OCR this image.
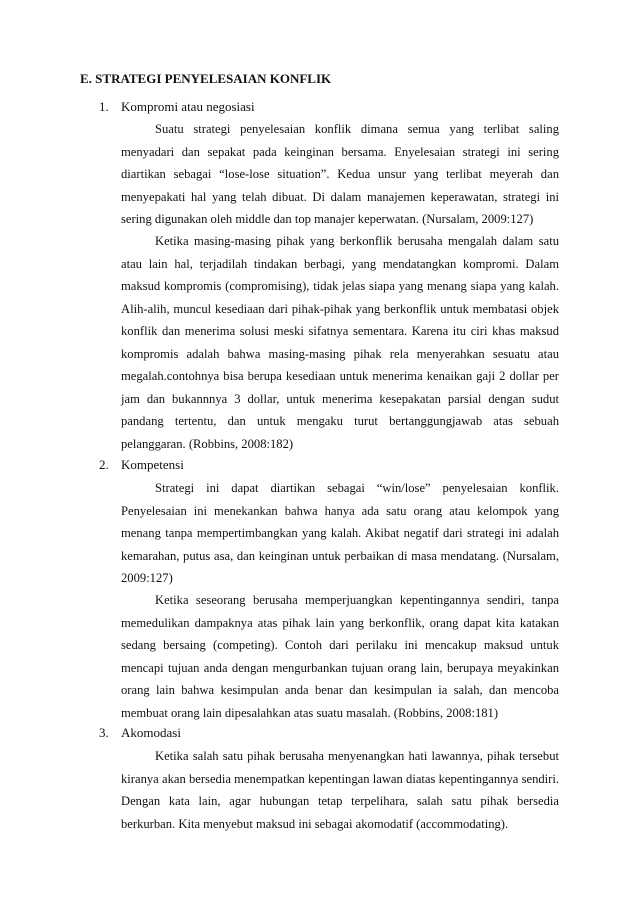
E. STRATEGI PENYELESAIAN KONFLIK
1. Kompromi atau negosiasi

Suatu strategi penyelesaian konflik dimana semua yang terlibat saling menyadari dan sepakat pada keinginan bersama. Enyelesaian strategi ini sering diartikan sebagai “lose-lose situation”. Kedua unsur yang terlibat meyerah dan menyepakati hal yang telah dibuat. Di dalam manajemen keperawatan, strategi ini sering digunakan oleh middle dan top manajer keperwatan. (Nursalam, 2009:127)

Ketika masing-masing pihak yang berkonflik berusaha mengalah dalam satu atau lain hal, terjadilah tindakan berbagi, yang mendatangkan kompromi. Dalam maksud kompromis (compromising), tidak jelas siapa yang menang siapa yang kalah. Alih-alih, muncul kesediaan dari pihak-pihak yang berkonflik untuk membatasi objek konflik dan menerima solusi meski sifatnya sementara. Karena itu ciri khas maksud kompromis adalah bahwa masing-masing pihak rela menyerahkan sesuatu atau megalah.contohnya bisa berupa kesediaan untuk menerima kenaikan gaji 2 dollar per jam dan bukannnya 3 dollar, untuk menerima kesepakatan parsial dengan sudut pandang tertentu, dan untuk mengaku turut bertanggungjawab atas sebuah pelanggaran. (Robbins, 2008:182)

2. Kompetensi

Strategi ini dapat diartikan sebagai “win/lose” penyelesaian konflik. Penyelesaian ini menekankan bahwa hanya ada satu orang atau kelompok yang menang tanpa mempertimbangkan yang kalah. Akibat negatif dari strategi ini adalah kemarahan, putus asa, dan keinginan untuk perbaikan di masa mendatang. (Nursalam, 2009:127)

Ketika seseorang berusaha memperjuangkan kepentingannya sendiri, tanpa memedulikan dampaknya atas pihak lain yang berkonflik, orang dapat kita katakan sedang bersaing (competing). Contoh dari perilaku ini mencakup maksud untuk mencapi tujuan anda dengan mengurbankan tujuan orang lain, berupaya meyakinkan orang lain bahwa kesimpulan anda benar dan kesimpulan ia salah, dan mencoba membuat orang lain dipesalahkan atas suatu masalah. (Robbins, 2008:181)

3. Akomodasi

Ketika salah satu pihak berusaha menyenangkan hati lawannya, pihak tersebut kiranya akan bersedia menempatkan kepentingan lawan diatas kepentingannya sendiri. Dengan kata lain, agar hubungan tetap terpelihara, salah satu pihak bersedia berkurban. Kita menyebut maksud ini sebagai akomodatif (accommodating).
